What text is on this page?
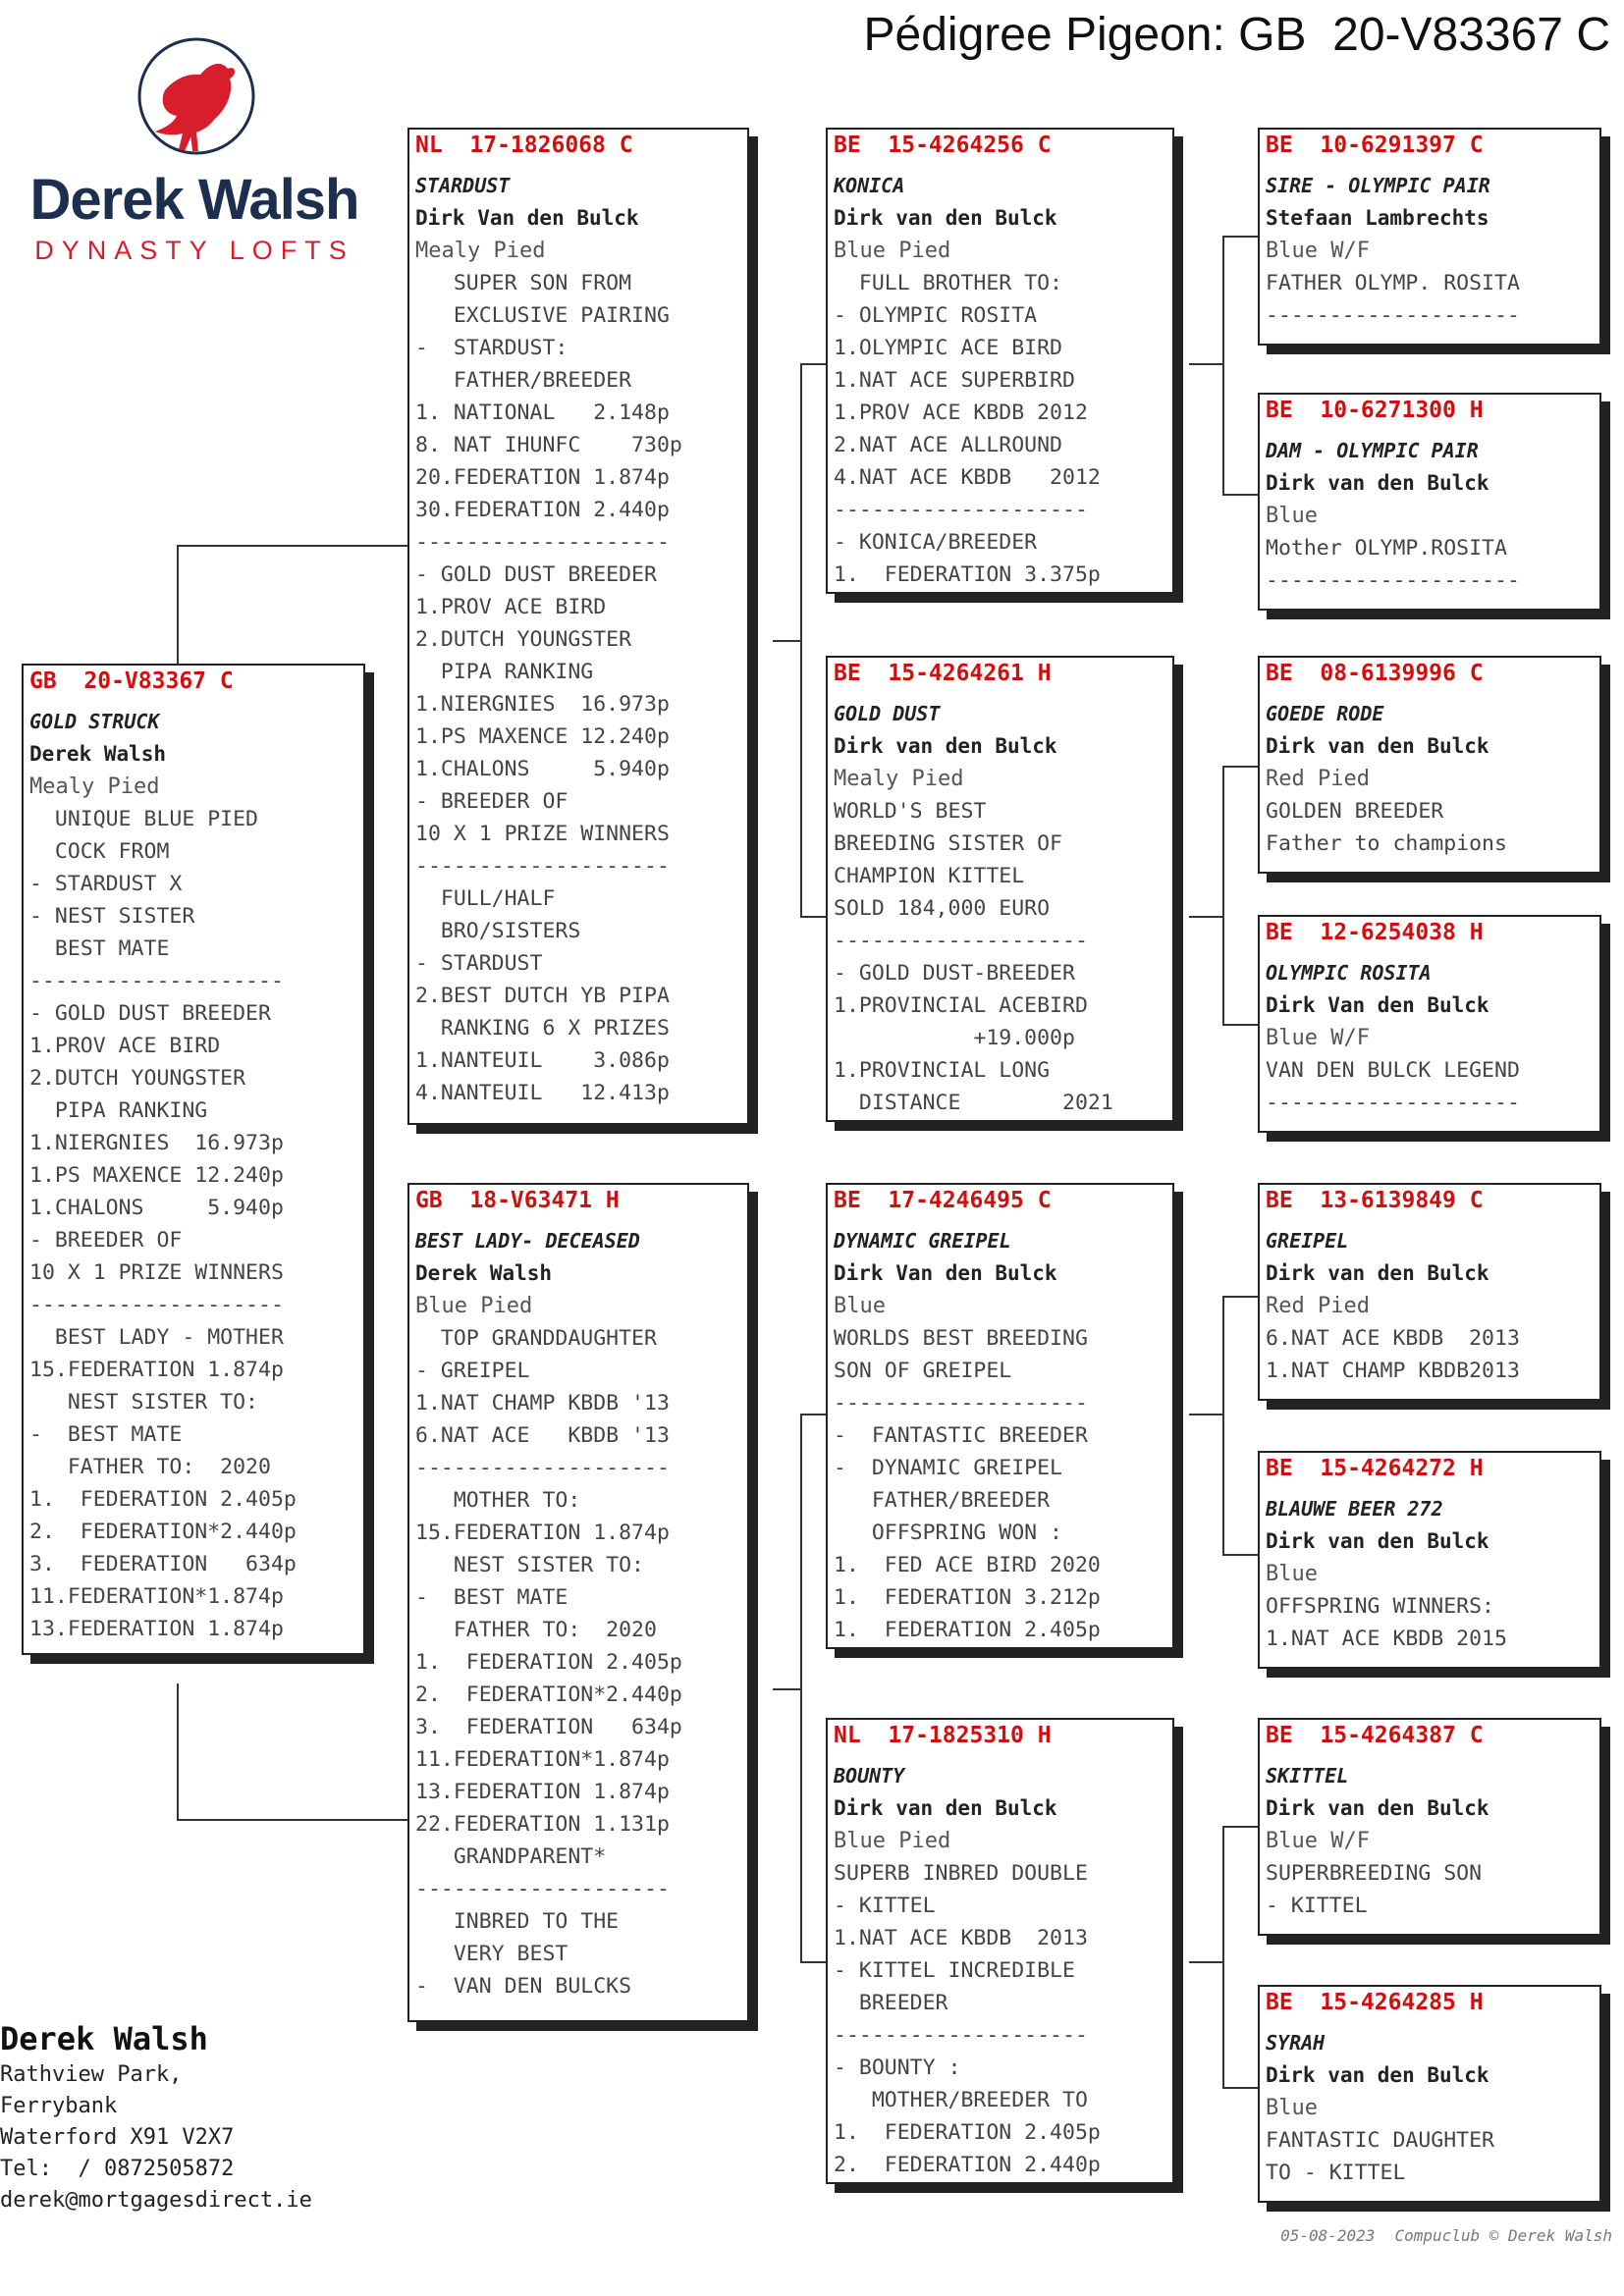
Pédigree Pigeon: GB  20-V83367 C
Derek Walsh
DYNASTY LOFTS
GB  20-V83367 C
GOLD STRUCK
Derek Walsh
Mealy Pied
UNIQUE BLUE PIED
COCK FROM
- STARDUST X
- NEST SISTER
BEST MATE
--------------------
- GOLD DUST BREEDER
1.PROV ACE BIRD
2.DUTCH YOUNGSTER
PIPA RANKING
1.NIERGNIES  16.973p
1.PS MAXENCE 12.240p
1.CHALONS     5.940p
- BREEDER OF
10 X 1 PRIZE WINNERS
--------------------
BEST LADY - MOTHER
15.FEDERATION 1.874p
NEST SISTER TO:
-  BEST MATE
FATHER TO:  2020
1.  FEDERATION 2.405p
2.  FEDERATION*2.440p
3.  FEDERATION   634p
11.FEDERATION*1.874p
13.FEDERATION 1.874p
NL  17-1826068 C
STARDUST
Dirk Van den Bulck
Mealy Pied
SUPER SON FROM
EXCLUSIVE PAIRING
-  STARDUST:
FATHER/BREEDER
1. NATIONAL   2.148p
8. NAT IHUNFC    730p
20.FEDERATION 1.874p
30.FEDERATION 2.440p
--------------------
- GOLD DUST BREEDER
1.PROV ACE BIRD
2.DUTCH YOUNGSTER
PIPA RANKING
1.NIERGNIES  16.973p
1.PS MAXENCE 12.240p
1.CHALONS     5.940p
- BREEDER OF
10 X 1 PRIZE WINNERS
--------------------
FULL/HALF
BRO/SISTERS
- STARDUST
2.BEST DUTCH YB PIPA
RANKING 6 X PRIZES
1.NANTEUIL    3.086p
4.NANTEUIL   12.413p
GB  18-V63471 H
BEST LADY- DECEASED
Derek Walsh
Blue Pied
TOP GRANDDAUGHTER
- GREIPEL
1.NAT CHAMP KBDB '13
6.NAT ACE   KBDB '13
--------------------
MOTHER TO:
15.FEDERATION 1.874p
NEST SISTER TO:
-  BEST MATE
FATHER TO:  2020
1.  FEDERATION 2.405p
2.  FEDERATION*2.440p
3.  FEDERATION   634p
11.FEDERATION*1.874p
13.FEDERATION 1.874p
22.FEDERATION 1.131p
GRANDPARENT*
--------------------
INBRED TO THE
VERY BEST
-  VAN DEN BULCKS
BE  15-4264256 C
KONICA
Dirk van den Bulck
Blue Pied
FULL BROTHER TO:
- OLYMPIC ROSITA
1.OLYMPIC ACE BIRD
1.NAT ACE SUPERBIRD
1.PROV ACE KBDB 2012
2.NAT ACE ALLROUND
4.NAT ACE KBDB   2012
--------------------
- KONICA/BREEDER
1.  FEDERATION 3.375p
BE  15-4264261 H
GOLD DUST
Dirk van den Bulck
Mealy Pied
WORLD'S BEST
BREEDING SISTER OF
CHAMPION KITTEL
SOLD 184,000 EURO
--------------------
- GOLD DUST-BREEDER
1.PROVINCIAL ACEBIRD
+19.000p
1.PROVINCIAL LONG
DISTANCE        2021
BE  17-4246495 C
DYNAMIC GREIPEL
Dirk Van den Bulck
Blue
WORLDS BEST BREEDING
SON OF GREIPEL
--------------------
-  FANTASTIC BREEDER
-  DYNAMIC GREIPEL
FATHER/BREEDER
OFFSPRING WON :
1.  FED ACE BIRD 2020
1.  FEDERATION 3.212p
1.  FEDERATION 2.405p
NL  17-1825310 H
BOUNTY
Dirk van den Bulck
Blue Pied
SUPERB INBRED DOUBLE
- KITTEL
1.NAT ACE KBDB  2013
- KITTEL INCREDIBLE
BREEDER
--------------------
- BOUNTY :
MOTHER/BREEDER TO
1.  FEDERATION 2.405p
2.  FEDERATION 2.440p
BE  10-6291397 C
SIRE - OLYMPIC PAIR
Stefaan Lambrechts
Blue W/F
FATHER OLYMP. ROSITA
--------------------
BE  10-6271300 H
DAM - OLYMPIC PAIR
Dirk van den Bulck
Blue
Mother OLYMP.ROSITA
--------------------
BE  08-6139996 C
GOEDE RODE
Dirk van den Bulck
Red Pied
GOLDEN BREEDER
Father to champions
BE  12-6254038 H
OLYMPIC ROSITA
Dirk Van den Bulck
Blue W/F
VAN DEN BULCK LEGEND
--------------------
BE  13-6139849 C
GREIPEL
Dirk van den Bulck
Red Pied
6.NAT ACE KBDB  2013
1.NAT CHAMP KBDB2013
BE  15-4264272 H
BLAUWE BEER 272
Dirk van den Bulck
Blue
OFFSPRING WINNERS:
1.NAT ACE KBDB 2015
BE  15-4264387 C
SKITTEL
Dirk van den Bulck
Blue W/F
SUPERBREEDING SON
- KITTEL
BE  15-4264285 H
SYRAH
Dirk van den Bulck
Blue
FANTASTIC DAUGHTER
TO - KITTEL
Derek Walsh
Rathview Park,
Ferrybank
Waterford X91 V2X7
Tel:  / 0872505872
derek@mortgagesdirect.ie
05-08-2023 Compuclub © Derek Walsh
